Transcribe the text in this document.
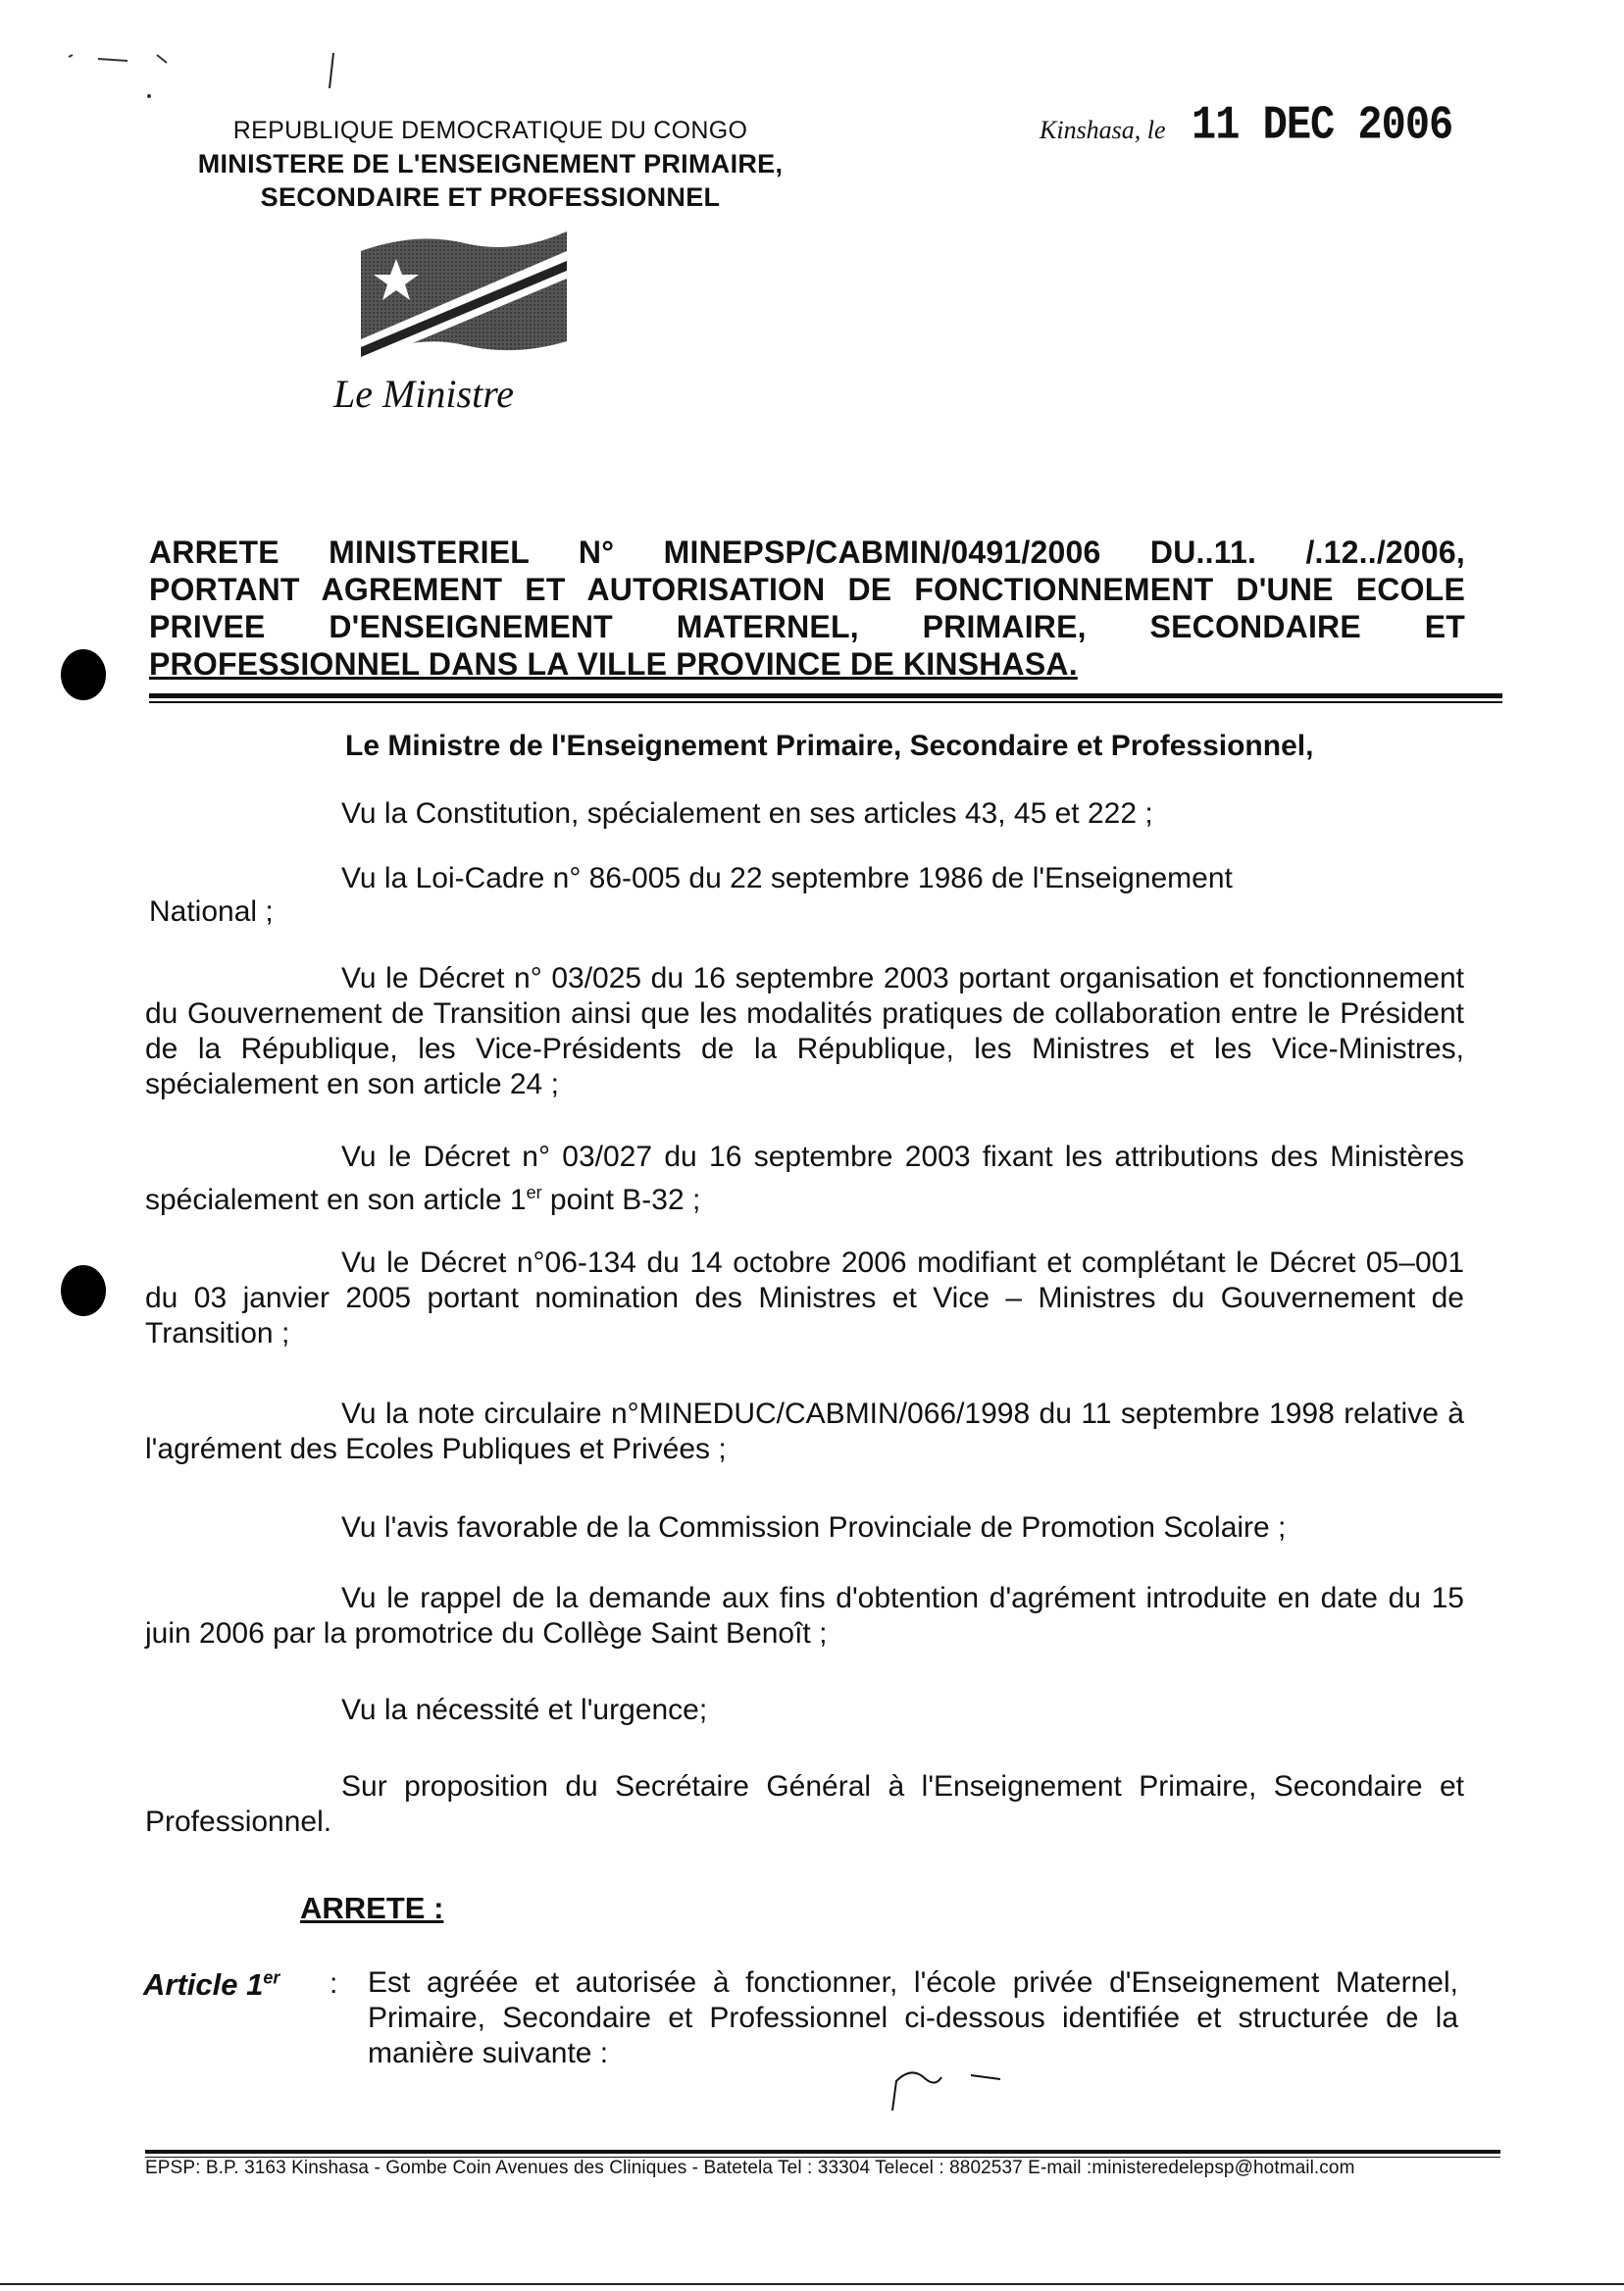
REPUBLIQUE DEMOCRATIQUE DU CONGO
MINISTERE DE L'ENSEIGNEMENT PRIMAIRE,
SECONDAIRE ET PROFESSIONNEL
Kinshasa, le 11 DEC 2006
Le Ministre
ARRETE MINISTERIEL N° MINEPSP/CABMIN/0491/2006 DU..11. /.12../2006,
PORTANT AGREMENT ET AUTORISATION DE FONCTIONNEMENT D'UNE ECOLE
PRIVEE D'ENSEIGNEMENT MATERNEL, PRIMAIRE, SECONDAIRE ET
PROFESSIONNEL DANS LA VILLE PROVINCE DE KINSHASA.
Le Ministre de l'Enseignement Primaire, Secondaire et Professionnel,
Vu la Constitution, spécialement en ses articles 43, 45 et 222 ;
Vu la Loi-Cadre n° 86-005 du 22 septembre 1986 de l'Enseignement
National ;
Vu le Décret n° 03/025 du 16 septembre 2003 portant organisation et fonctionnement du Gouvernement de Transition ainsi que les modalités pratiques de collaboration entre le Président de la République, les Vice-Présidents de la République, les Ministres et les Vice-Ministres, spécialement en son article 24 ;
Vu le Décret n° 03/027 du 16 septembre 2003 fixant les attributions des Ministères spécialement en son article 1er point B-32 ;
Vu le Décret n°06-134 du 14 octobre 2006 modifiant et complétant le Décret 05–001 du 03 janvier 2005 portant nomination des Ministres et Vice – Ministres du Gouvernement de Transition ;
Vu la note circulaire n°MINEDUC/CABMIN/066/1998 du 11 septembre 1998 relative à l'agrément des Ecoles Publiques et Privées ;
Vu l'avis favorable de la Commission Provinciale de Promotion Scolaire ;
Vu le rappel de la demande aux fins d'obtention d'agrément introduite en date du 15 juin 2006 par la promotrice du Collège Saint Benoît ;
Vu la nécessité et l'urgence;
Sur proposition du Secrétaire Général à l'Enseignement Primaire, Secondaire et Professionnel.
ARRETE :
Article 1er : Est agréée et autorisée à fonctionner, l'école privée d'Enseignement Maternel, Primaire, Secondaire et Professionnel ci-dessous identifiée et structurée de la manière suivante :
EPSP: B.P. 3163 Kinshasa - Gombe Coin Avenues des Cliniques - Batetela Tel : 33304 Telecel : 8802537 E-mail :ministeredelepsp@hotmail.com
